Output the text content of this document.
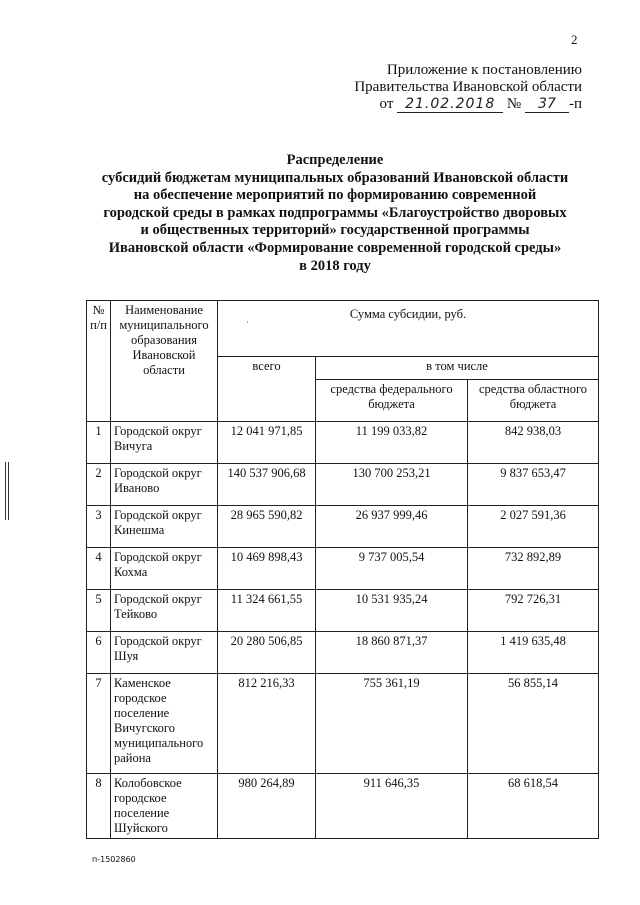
2
Приложение к постановлению
Правительства Ивановской области
от 21.02.2018 № 37 -п
Распределение
субсидий бюджетам муниципальных образований Ивановской области
на обеспечение мероприятий по формированию современной
городской среды в рамках подпрограммы «Благоустройство дворовых
и общественных территорий» государственной программы
Ивановской области «Формирование современной городской среды»
в 2018 году
№ п/п	Наименование муниципального образования Ивановской области	Сумма субсидии, руб.		
		всего	в том числе	
			средства федерального бюджета	средства областного бюджета
1	Городской округ Вичуга	12 041 971,85	11 199 033,82	842 938,03
2	Городской округ Иваново	140 537 906,68	130 700 253,21	9 837 653,47
3	Городской округ Кинешма	28 965 590,82	26 937 999,46	2 027 591,36
4	Городской округ Кохма	10 469 898,43	9 737 005,54	732 892,89
5	Городской округ Тейково	11 324 661,55	10 531 935,24	792 726,31
6	Городской округ Шуя	20 280 506,85	18 860 871,37	1 419 635,48
7	Каменское городское поселение Вичугского муниципального района	812 216,33	755 361,19	56 855,14
8	Колобовское городское поселение Шуйского	980 264,89	911 646,35	68 618,54
·
п-1502860
